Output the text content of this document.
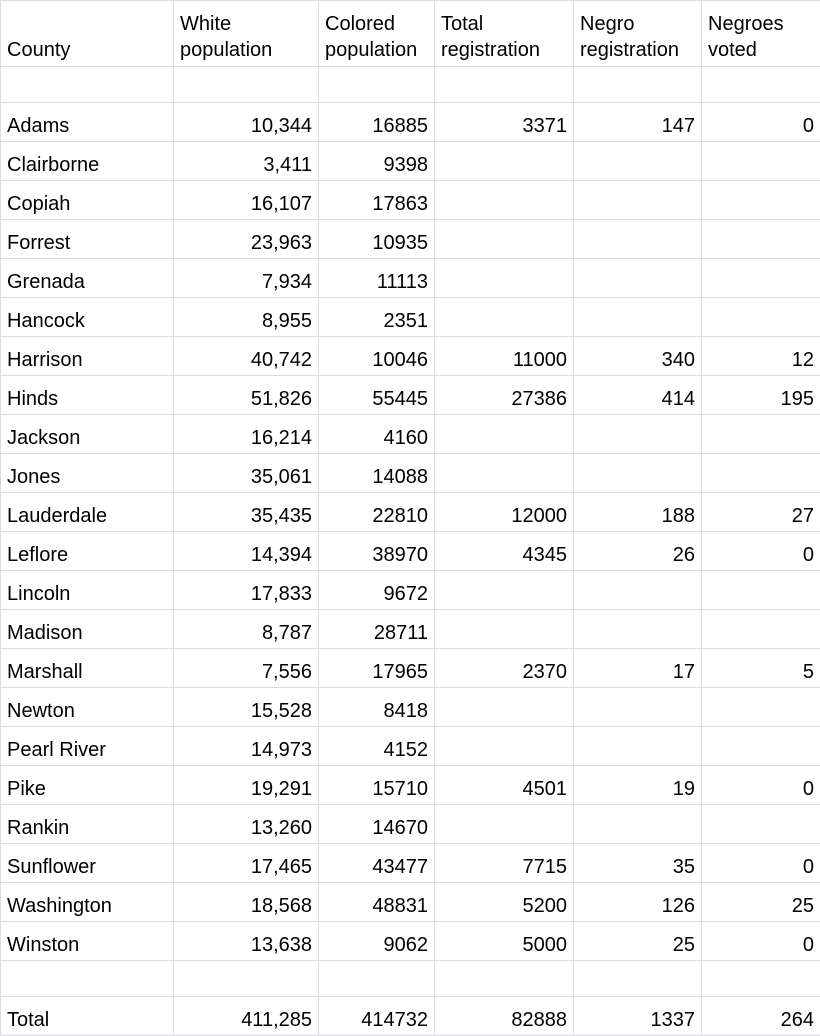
County	White population	Colored population	Total registration	Negro registration	Negroes voted

Adams	10,344	16885	3371	147	0
Clairborne	3,411	9398			
Copiah	16,107	17863			
Forrest	23,963	10935			
Grenada	7,934	11113			
Hancock	8,955	2351			
Harrison	40,742	10046	11000	340	12
Hinds	51,826	55445	27386	414	195
Jackson	16,214	4160			
Jones	35,061	14088			
Lauderdale	35,435	22810	12000	188	27
Leflore	14,394	38970	4345	26	0
Lincoln	17,833	9672			
Madison	8,787	28711			
Marshall	7,556	17965	2370	17	5
Newton	15,528	8418			
Pearl River	14,973	4152			
Pike	19,291	15710	4501	19	0
Rankin	13,260	14670			
Sunflower	17,465	43477	7715	35	0
Washington	18,568	48831	5200	126	25
Winston	13,638	9062	5000	25	0

Total	411,285	414732	82888	1337	264
